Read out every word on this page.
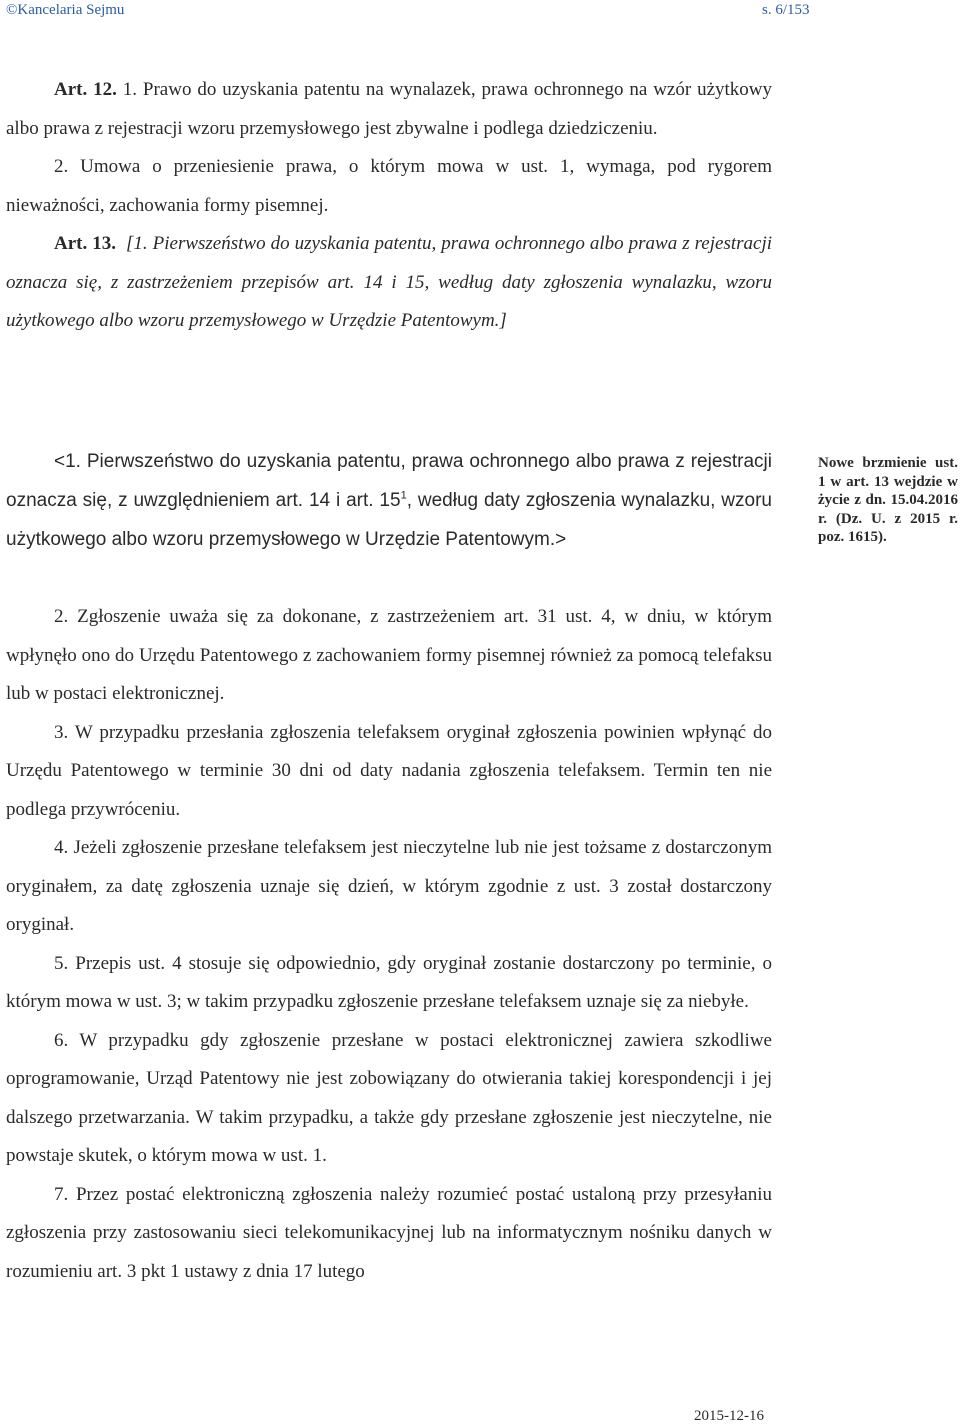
©Kancelaria Sejmu	s. 6/153
Art. 12. 1. Prawo do uzyskania patentu na wynalazek, prawa ochronnego na wzór użytkowy albo prawa z rejestracji wzoru przemysłowego jest zbywalne i podlega dziedziczeniu.
2. Umowa o przeniesienie prawa, o którym mowa w ust. 1, wymaga, pod rygorem nieważności, zachowania formy pisemnej.
Art. 13. [1. Pierwszeństwo do uzyskania patentu, prawa ochronnego albo prawa z rejestracji oznacza się, z zastrzeżeniem przepisów art. 14 i 15, według daty zgłoszenia wynalazku, wzoru użytkowego albo wzoru przemysłowego w Urzędzie Patentowym.]
<1. Pierwszeństwo do uzyskania patentu, prawa ochronnego albo prawa z rejestracji oznacza się, z uwzględnieniem art. 14 i art. $15^1$, według daty zgłoszenia wynalazku, wzoru użytkowego albo wzoru przemysłowego w Urzędzie Patentowym.>
2. Zgłoszenie uważa się za dokonane, z zastrzeżeniem art. 31 ust. 4, w dniu, w którym wpłynęło ono do Urzędu Patentowego z zachowaniem formy pisemnej również za pomocą telefaksu lub w postaci elektronicznej.
3. W przypadku przesłania zgłoszenia telefaksem oryginał zgłoszenia powinien wpłynąć do Urzędu Patentowego w terminie 30 dni od daty nadania zgłoszenia telefaksem. Termin ten nie podlega przywróceniu.
4. Jeżeli zgłoszenie przesłane telefaksem jest nieczytelne lub nie jest tożsame z dostarczonym oryginałem, za datę zgłoszenia uznaje się dzień, w którym zgodnie z ust. 3 został dostarczony oryginał.
5. Przepis ust. 4 stosuje się odpowiednio, gdy oryginał zostanie dostarczony po terminie, o którym mowa w ust. 3; w takim przypadku zgłoszenie przesłane telefaksem uznaje się za niebyłe.
6. W przypadku gdy zgłoszenie przesłane w postaci elektronicznej zawiera szkodliwe oprogramowanie, Urząd Patentowy nie jest zobowiązany do otwierania takiej korespondencji i jej dalszego przetwarzania. W takim przypadku, a także gdy przesłane zgłoszenie jest nieczytelne, nie powstaje skutek, o którym mowa w ust. 1.
7. Przez postać elektroniczną zgłoszenia należy rozumieć postać ustaloną przy przesyłaniu zgłoszenia przy zastosowaniu sieci telekomunikacyjnej lub na informatycznym nośniku danych w rozumieniu art. 3 pkt 1 ustawy z dnia 17 lutego
Nowe brzmienie ust. 1 w art. 13 wejdzie w życie z dn. 15.04.2016 r. (Dz. U. z 2015 r. poz. 1615).
2015-12-16
